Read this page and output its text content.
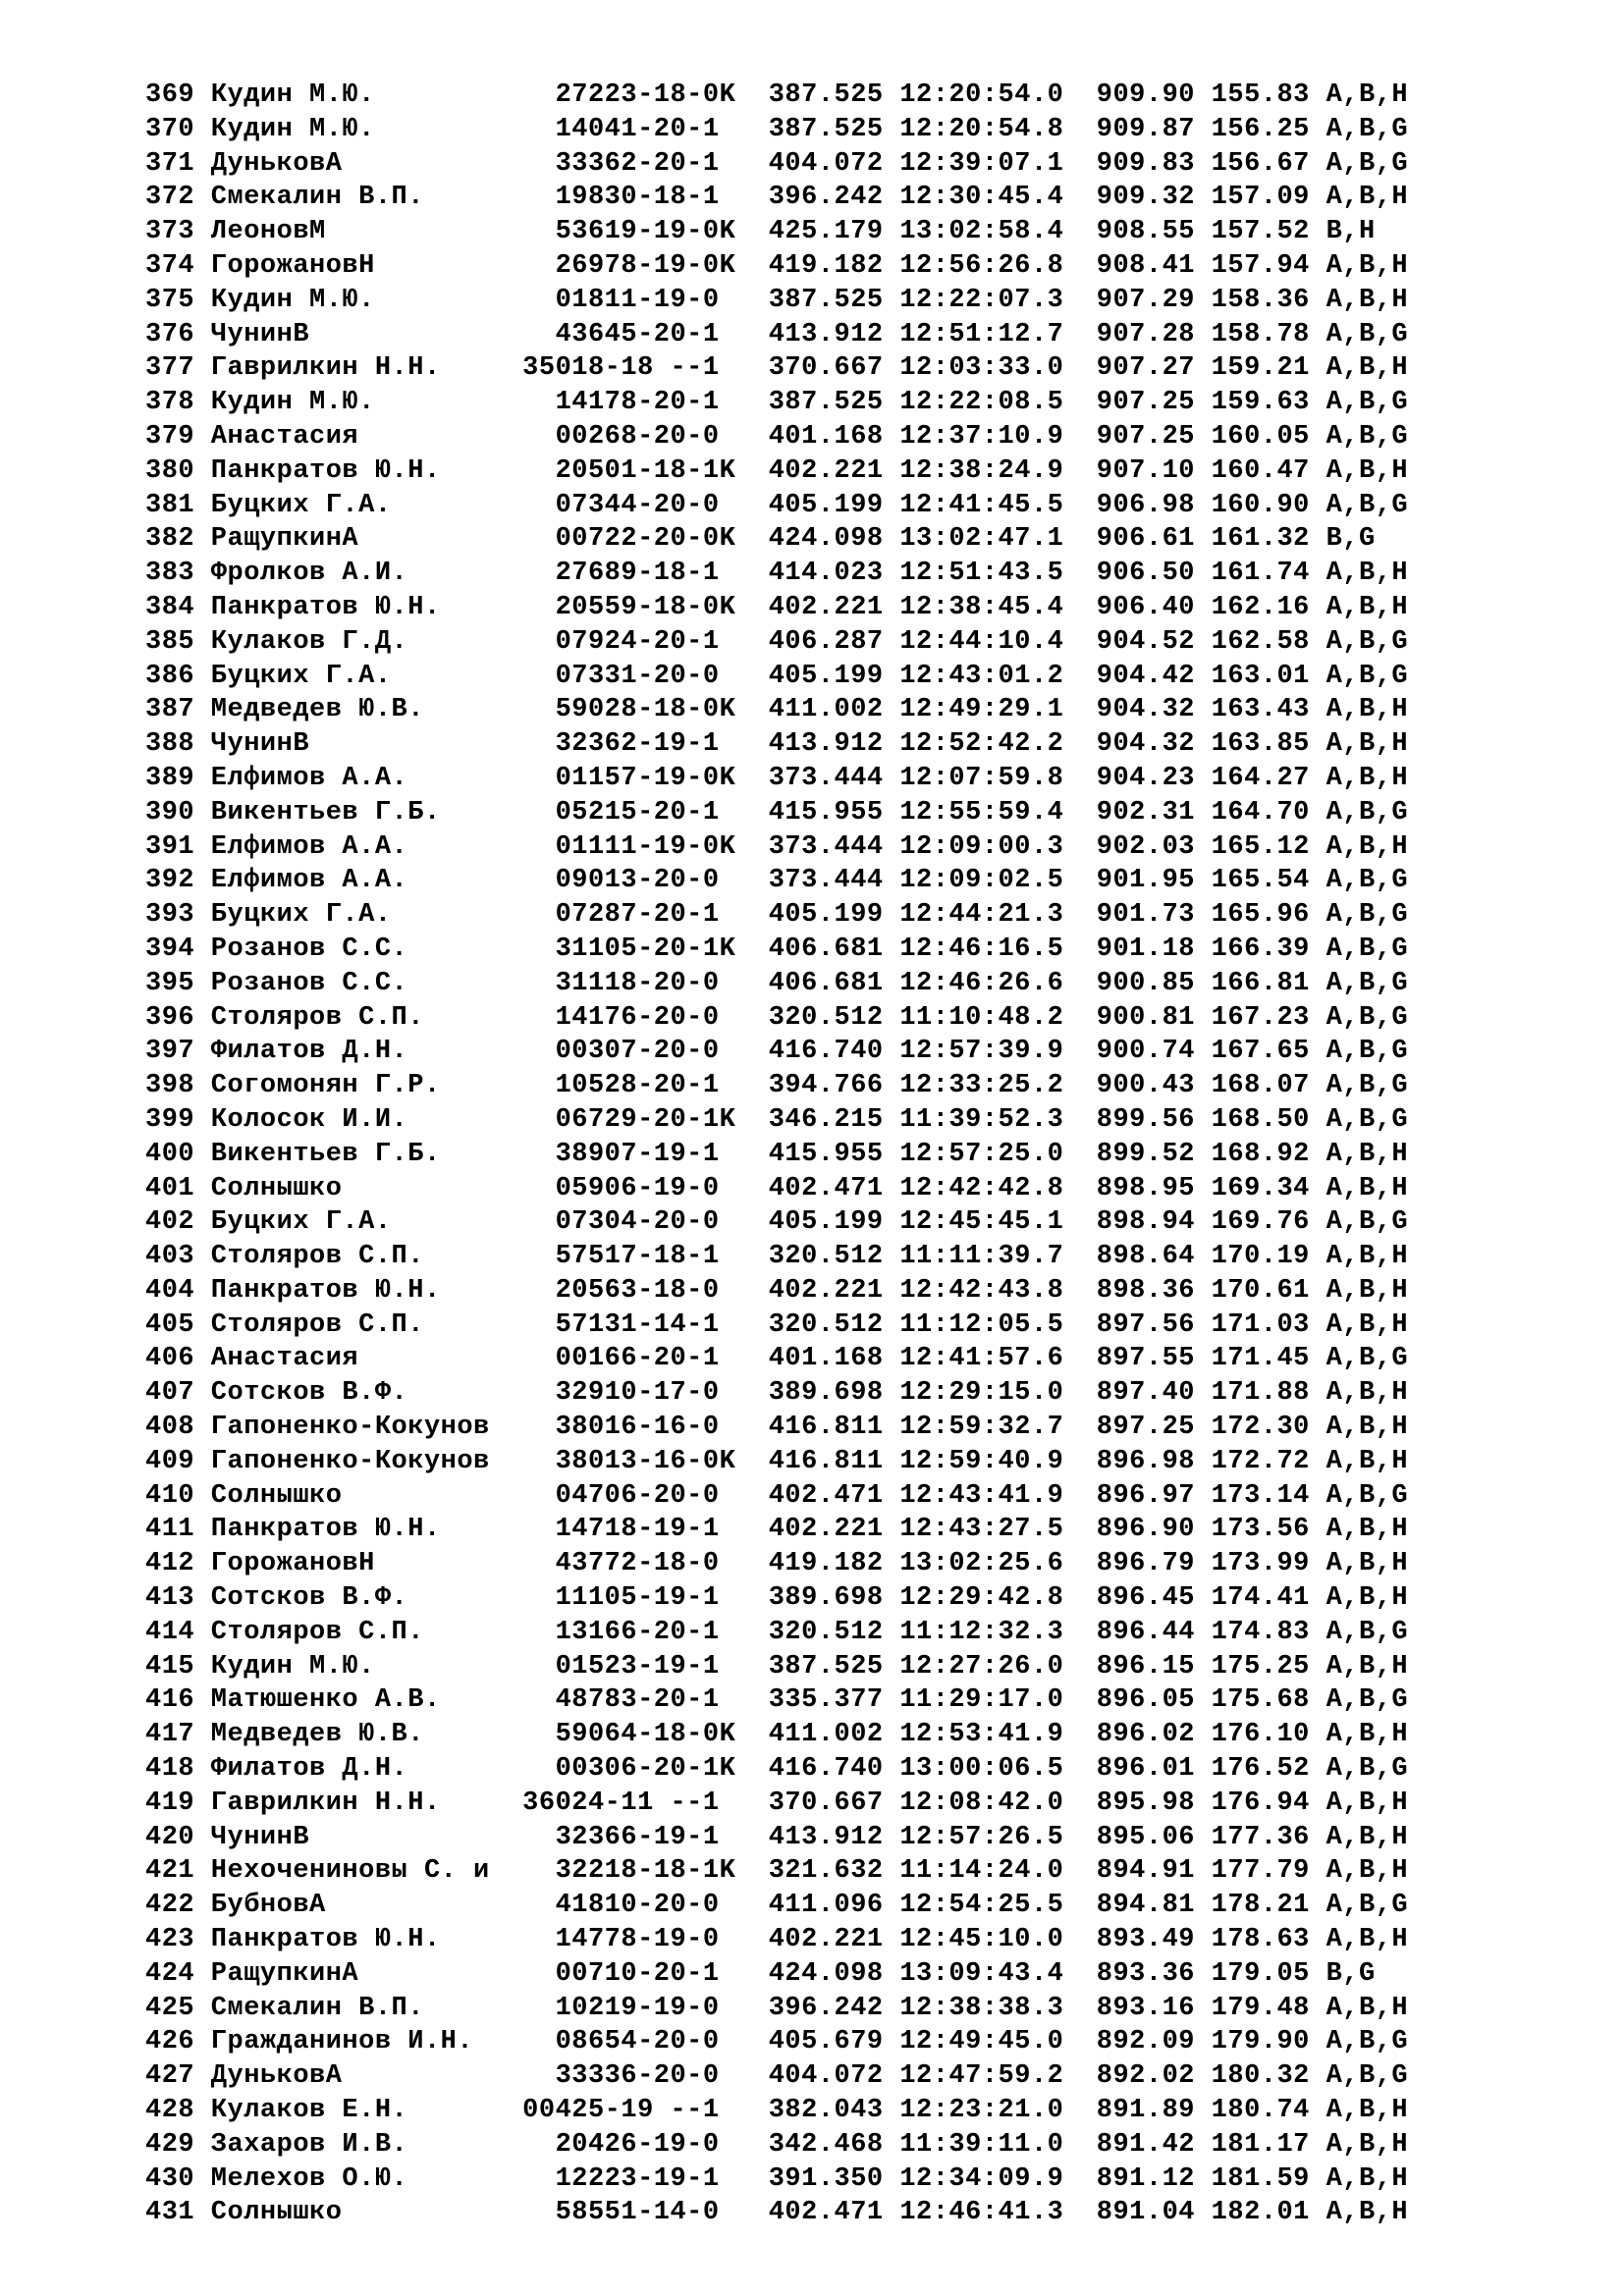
369 Кудин М.Ю.           27223-18-0K  387.525 12:20:54.0  909.90 155.83 A,B,H
370 Кудин М.Ю.           14041-20-1   387.525 12:20:54.8  909.87 156.25 A,B,G
371 ДуньковА             33362-20-1   404.072 12:39:07.1  909.83 156.67 A,B,G
372 Смекалин В.П.        19830-18-1   396.242 12:30:45.4  909.32 157.09 A,B,H
373 ЛеоновМ              53619-19-0K  425.179 13:02:58.4  908.55 157.52 B,H
374 ГорожановН           26978-19-0K  419.182 12:56:26.8  908.41 157.94 A,B,H
375 Кудин М.Ю.           01811-19-0   387.525 12:22:07.3  907.29 158.36 A,B,H
376 ЧунинВ               43645-20-1   413.912 12:51:12.7  907.28 158.78 A,B,G
377 Гаврилкин Н.Н.     35018-18 --1   370.667 12:03:33.0  907.27 159.21 A,B,H
378 Кудин М.Ю.           14178-20-1   387.525 12:22:08.5  907.25 159.63 A,B,G
379 Анастасия            00268-20-0   401.168 12:37:10.9  907.25 160.05 A,B,G
380 Панкратов Ю.Н.       20501-18-1K  402.221 12:38:24.9  907.10 160.47 A,B,H
381 Буцких Г.А.          07344-20-0   405.199 12:41:45.5  906.98 160.90 A,B,G
382 РащупкинА            00722-20-0K  424.098 13:02:47.1  906.61 161.32 B,G
383 Фролков А.И.         27689-18-1   414.023 12:51:43.5  906.50 161.74 A,B,H
384 Панкратов Ю.Н.       20559-18-0K  402.221 12:38:45.4  906.40 162.16 A,B,H
385 Кулаков Г.Д.         07924-20-1   406.287 12:44:10.4  904.52 162.58 A,B,G
386 Буцких Г.А.          07331-20-0   405.199 12:43:01.2  904.42 163.01 A,B,G
387 Медведев Ю.В.        59028-18-0K  411.002 12:49:29.1  904.32 163.43 A,B,H
388 ЧунинВ               32362-19-1   413.912 12:52:42.2  904.32 163.85 A,B,H
389 Елфимов А.А.         01157-19-0K  373.444 12:07:59.8  904.23 164.27 A,B,H
390 Викентьев Г.Б.       05215-20-1   415.955 12:55:59.4  902.31 164.70 A,B,G
391 Елфимов А.А.         01111-19-0K  373.444 12:09:00.3  902.03 165.12 A,B,H
392 Елфимов А.А.         09013-20-0   373.444 12:09:02.5  901.95 165.54 A,B,G
393 Буцких Г.А.          07287-20-1   405.199 12:44:21.3  901.73 165.96 A,B,G
394 Розанов С.С.         31105-20-1K  406.681 12:46:16.5  901.18 166.39 A,B,G
395 Розанов С.С.         31118-20-0   406.681 12:46:26.6  900.85 166.81 A,B,G
396 Столяров С.П.        14176-20-0   320.512 11:10:48.2  900.81 167.23 A,B,G
397 Филатов Д.Н.         00307-20-0   416.740 12:57:39.9  900.74 167.65 A,B,G
398 Согомонян Г.Р.       10528-20-1   394.766 12:33:25.2  900.43 168.07 A,B,G
399 Колосок И.И.         06729-20-1K  346.215 11:39:52.3  899.56 168.50 A,B,G
400 Викентьев Г.Б.       38907-19-1   415.955 12:57:25.0  899.52 168.92 A,B,H
401 Солнышко             05906-19-0   402.471 12:42:42.8  898.95 169.34 A,B,H
402 Буцких Г.А.          07304-20-0   405.199 12:45:45.1  898.94 169.76 A,B,G
403 Столяров С.П.        57517-18-1   320.512 11:11:39.7  898.64 170.19 A,B,H
404 Панкратов Ю.Н.       20563-18-0   402.221 12:42:43.8  898.36 170.61 A,B,H
405 Столяров С.П.        57131-14-1   320.512 11:12:05.5  897.56 171.03 A,B,H
406 Анастасия            00166-20-1   401.168 12:41:57.6  897.55 171.45 A,B,G
407 Сотсков В.Ф.         32910-17-0   389.698 12:29:15.0  897.40 171.88 A,B,H
408 Гапоненко-Кокунов    38016-16-0   416.811 12:59:32.7  897.25 172.30 A,B,H
409 Гапоненко-Кокунов    38013-16-0K  416.811 12:59:40.9  896.98 172.72 A,B,H
410 Солнышко             04706-20-0   402.471 12:43:41.9  896.97 173.14 A,B,G
411 Панкратов Ю.Н.       14718-19-1   402.221 12:43:27.5  896.90 173.56 A,B,H
412 ГорожановН           43772-18-0   419.182 13:02:25.6  896.79 173.99 A,B,H
413 Сотсков В.Ф.         11105-19-1   389.698 12:29:42.8  896.45 174.41 A,B,H
414 Столяров С.П.        13166-20-1   320.512 11:12:32.3  896.44 174.83 A,B,G
415 Кудин М.Ю.           01523-19-1   387.525 12:27:26.0  896.15 175.25 A,B,H
416 Матюшенко А.В.       48783-20-1   335.377 11:29:17.0  896.05 175.68 A,B,G
417 Медведев Ю.В.        59064-18-0K  411.002 12:53:41.9  896.02 176.10 A,B,H
418 Филатов Д.Н.         00306-20-1K  416.740 13:00:06.5  896.01 176.52 A,B,G
419 Гаврилкин Н.Н.     36024-11 --1   370.667 12:08:42.0  895.98 176.94 A,B,H
420 ЧунинВ               32366-19-1   413.912 12:57:26.5  895.06 177.36 A,B,H
421 Нехочениновы С. и    32218-18-1K  321.632 11:14:24.0  894.91 177.79 A,B,H
422 БубновА              41810-20-0   411.096 12:54:25.5  894.81 178.21 A,B,G
423 Панкратов Ю.Н.       14778-19-0   402.221 12:45:10.0  893.49 178.63 A,B,H
424 РащупкинА            00710-20-1   424.098 13:09:43.4  893.36 179.05 B,G
425 Смекалин В.П.        10219-19-0   396.242 12:38:38.3  893.16 179.48 A,B,H
426 Гражданинов И.Н.     08654-20-0   405.679 12:49:45.0  892.09 179.90 A,B,G
427 ДуньковА             33336-20-0   404.072 12:47:59.2  892.02 180.32 A,B,G
428 Кулаков Е.Н.       00425-19 --1   382.043 12:23:21.0  891.89 180.74 A,B,H
429 Захаров И.В.         20426-19-0   342.468 11:39:11.0  891.42 181.17 A,B,H
430 Мелехов О.Ю.         12223-19-1   391.350 12:34:09.9  891.12 181.59 A,B,H
431 Солнышко             58551-14-0   402.471 12:46:41.3  891.04 182.01 A,B,H
